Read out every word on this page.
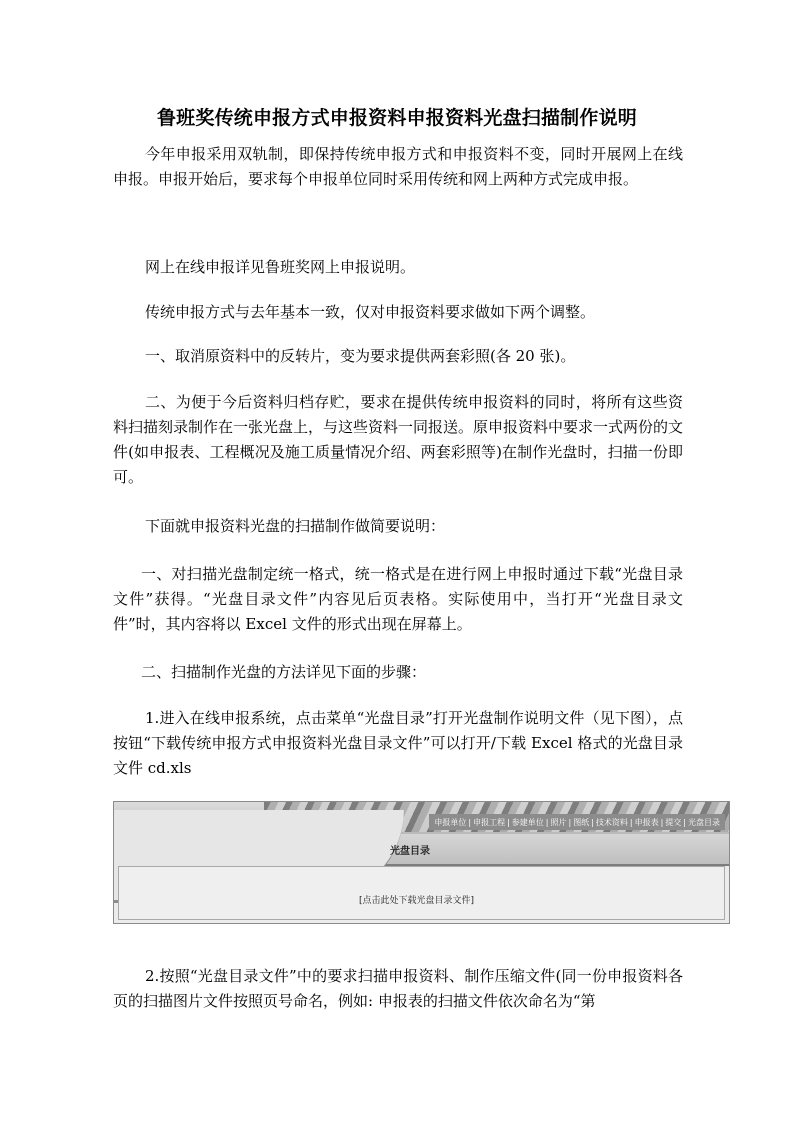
鲁班奖传统申报方式申报资料申报资料光盘扫描制作说明

今年申报采用双轨制，即保持传统申报方式和申报资料不变，同时开展网上在线申报。申报开始后，要求每个申报单位同时采用传统和网上两种方式完成申报。

网上在线申报详见鲁班奖网上申报说明。

传统申报方式与去年基本一致，仅对申报资料要求做如下两个调整。

一、取消原资料中的反转片，变为要求提供两套彩照(各 20 张)。

二、为便于今后资料归档存贮，要求在提供传统申报资料的同时，将所有这些资料扫描刻录制作在一张光盘上，与这些资料一同报送。原申报资料中要求一式两份的文件(如申报表、工程概况及施工质量情况介绍、两套彩照等)在制作光盘时，扫描一份即可。

下面就申报资料光盘的扫描制作做简要说明：

一、对扫描光盘制定统一格式，统一格式是在进行网上申报时通过下载“光盘目录文件”获得。“光盘目录文件”内容见后页表格。实际使用中，当打开“光盘目录文件”时，其内容将以 Excel 文件的形式出现在屏幕上。

二、扫描制作光盘的方法详见下面的步骤：

1.进入在线申报系统，点击菜单“光盘目录”打开光盘制作说明文件（见下图），点按钮“下载传统申报方式申报资料光盘目录文件”可以打开/下载 Excel 格式的光盘目录文件 cd.xls

申报单位 | 申报工程 | 参建单位 | 照片 | 图纸 | 技术资料 | 申报表 | 提交 | 光盘目录
光盘目录
[点击此处下载光盘目录文件]

2.按照“光盘目录文件”中的要求扫描申报资料、制作压缩文件(同一份申报资料各页的扫描图片文件按照页号命名，例如: 申报表的扫描文件依次命名为“第
